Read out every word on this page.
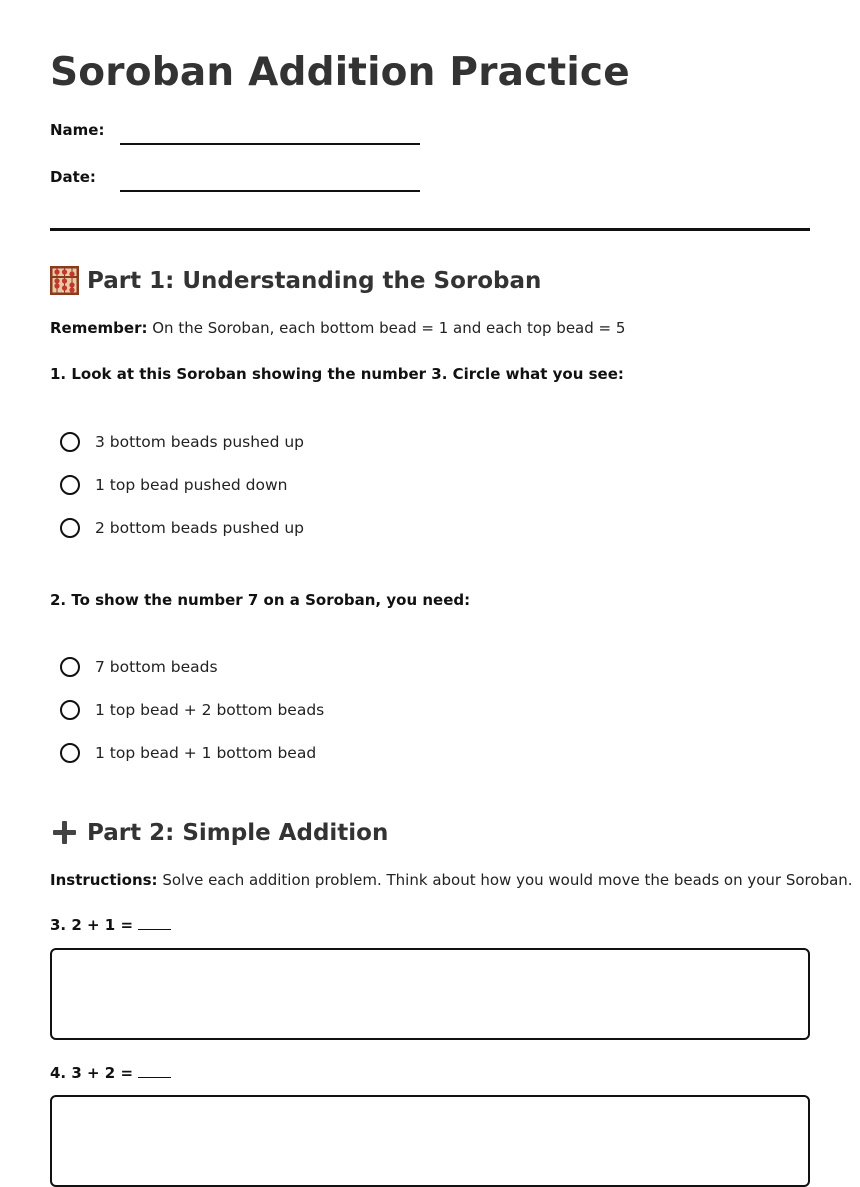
Soroban Addition Practice
Name:
Date:
Part 1: Understanding the Soroban
Remember: On the Soroban, each bottom bead = 1 and each top bead = 5
1. Look at this Soroban showing the number 3. Circle what you see:
3 bottom beads pushed up
1 top bead pushed down
2 bottom beads pushed up
2. To show the number 7 on a Soroban, you need:
7 bottom beads
1 top bead + 2 bottom beads
1 top bead + 1 bottom bead
Part 2: Simple Addition
Instructions: Solve each addition problem. Think about how you would move the beads on your Soroban.
3. 2 + 1 =
4. 3 + 2 =
